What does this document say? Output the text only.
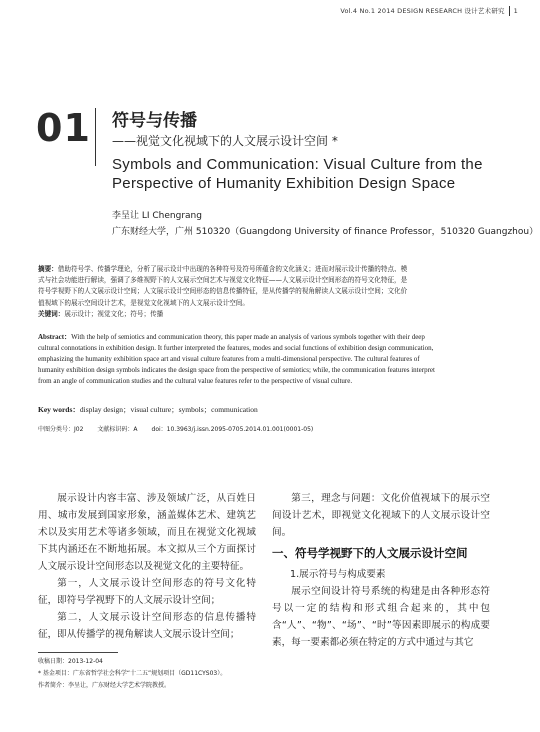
Vol.4 No.1 2014 DESIGN RESEARCH 设计艺术研究 1
01 符号与传播
——视觉文化视域下的人文展示设计空间 *
Symbols and Communication: Visual Culture from the
Perspective of Humanity Exhibition Design Space
李呈让 LI Chengrang
广东财经大学，广州 510320（Guangdong University of finance Professor，510320 Guangzhou）
摘要：借助符号学、传播学理论，分析了展示设计中出现的各种符号及符号所蕴含的文化涵义；进而对展示设计传播的特点、模
式与社会功能进行解读，强调了多维视野下的人文展示空间艺术与视觉文化特征——人文展示设计空间形态的符号文化特征，是
符号学视野下的人文展示设计空间；人文展示设计空间形态的信息传播特征，是从传播学的视角解读人文展示设计空间；文化价
值视域下的展示空间设计艺术，是视觉文化视域下的人文展示设计空间。
关键词：展示设计；视觉文化；符号；传播
Abstract：With the help of semiotics and communication theory, this paper made an analysis of various symbols together with their deep
cultural connotations in exhibition design. It further interpreted the features, modes and social functions of exhibition design communication,
emphasizing the humanity exhibition space art and visual culture features from a multi-dimensional perspective. The cultural features of
humanity exhibition design symbols indicates the design space from the perspective of semiotics; while, the communication features interpret
from an angle of communication studies and the cultural value features refer to the perspective of visual culture.
Key words：display design；visual culture；symbols；communication
中图分类号：J02 文献标识码：A doi：10.3963/j.issn.2095-0705.2014.01.001(0001-05)

展示设计内容丰富、涉及领域广泛，从百姓日用、城市发展到国家形象，涵盖媒体艺术、建筑艺术以及实用艺术等诸多领域，而且在视觉文化视域下其内涵还在不断地拓展。本文拟从三个方面探讨人文展示设计空间形态以及视觉文化的主要特征。

第一，人文展示设计空间形态的符号文化特征，即符号学视野下的人文展示设计空间；

第二，人文展示设计空间形态的信息传播特征，即从传播学的视角解读人文展示设计空间；

第三，理念与问题：文化价值视域下的展示空间设计艺术，即视觉文化视域下的人文展示设计空间。

一、符号学视野下的人文展示设计空间
1.展示符号与构成要素

展示空间设计符号系统的构建是由各种形态符号以一定的结构和形式组合起来的，其中包含“人”、“物”、“场”、“时”等因素即展示的构成要素，每一要素都必须在特定的方式中通过与其它

收稿日期：2013-12-04
* 基金项目：广东省哲学社会科学“十二五”规划项目（GD11CYS03）。
作者简介：李呈让，广东财经大学艺术学院教授。
